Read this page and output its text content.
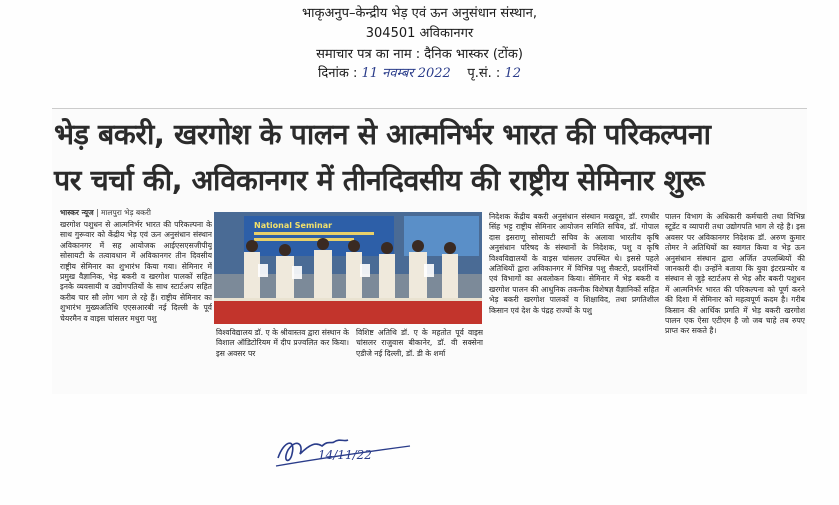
भाकृअनुप–केन्द्रीय भेड़ एवं ऊन अनुसंधान संस्थान,
304501 अविकानगर
समाचार पत्र का नाम : दैनिक भास्कर (टोंक)
दिनांक : 11 नवम्बर 2022 पृ.सं. : 12
भेड़ बकरी, खरगोश के पालन से आत्मनिर्भर भारत की परिकल्पना
पर चर्चा की, अविकानगर में तीनदिवसीय की राष्ट्रीय सेमिनार शुरू
भास्कर न्यूज | मालपुरा भेड़ बकरी
खरगोश पशुधन से आत्मनिर्भर भारत की परिकल्पना के साथ गुरूवार को केंद्रीय भेड़ एवं ऊन अनुसंधान संस्थान अविकानगर में सह आयोजक आईएसएसजीपीयू सोसायटी के तत्वावधान में अविकानगर तीन दिवसीय राष्ट्रीय सेमिनार का शुभारंभ किया गया। सेमिनार में प्रमुख वैज्ञानिक, भेड़ बकरी व खरगोश पालकों सहित इनके व्यवसायी व उद्योगपतियों के साथ स्टार्टअप सहित करीब चार सौ लोग भाग ले रहे हैं। राष्ट्रीय सेमिनार का शुभारंभ मुख्यअतिथि एएसआरबी नई दिल्ली के पूर्व चेयरमैन व वाइस चांसलर मथुरा पशु
National Seminar
विश्वविद्यालय डॉ. ए के श्रीवास्तव द्वारा संस्थान के विशाल ऑडिटोरियम में दीप प्रज्वलित कर किया। इस अवसर पर
विशिष्ट अतिथि डॉ. ए के महतोत पूर्व वाइस चांसलर राजुवास बीकानेर, डॉ. वी सक्सेना एडीजे नई दिल्ली, डॉ. डी के शर्मा
निदेशक केंद्रीय बकरी अनुसंधान संस्थान मखदूम, डॉ. रणधीर सिंह भट्ट राष्ट्रीय सेमिनार आयोजन समिति सचिव, डॉ. गोपाल दास इसराणू सोसायटी सचिव के अलावा भारतीय कृषि अनुसंधान परिषद के संस्थानों के निदेशक, पशु व कृषि विश्वविद्यालयों के वाइस चांसलर उपस्थित थे। इससे पहले अतिथियों द्वारा अविकानगर में विभिन्न पशु सैक्टरों, प्रदर्शनियों एवं विभागों का अवलोकन किया। सेमिनार में भेड़ बकरी व खरगोश पालन की आधुनिक तकनीक विशेषज्ञ वैज्ञानिकों सहित भेड़ बकरी खरगोश पालकों व शिक्षाविद, तथा प्रगतिशील किसान एवं देश के पंद्रह राज्यों के पशु
पालन विभाग के अधिकारी कर्मचारी तथा विभिन्न स्टूडेंट व व्यापारी तथा उद्योगपति भाग ले रहे है। इस अवसर पर अविकानगर निदेशक डॉ. अरुण कुमार तोमर ने अतिथियों का स्वागत किया व भेड़ ऊन अनुसंधान संस्थान द्वारा अर्जित उपलब्धियों की जानकारी दी। उन्होंने बताया कि युवा इंटरप्रन्योर व संस्थान से जुड़े स्टार्टअप से भेड़ और बकरी पशुधन में आत्मनिर्भर भारत की परिकल्पना को पूर्ण करने की दिशा में सेमिनार को महत्वपूर्ण कदम है। गरीब किसान की आर्थिक प्रगति में भेड़ बकरी खरगोश पालन एक ऐसा एटीएम है जो जब चाहे तब रुपए प्राप्त कर सकते है।
14/11/22
